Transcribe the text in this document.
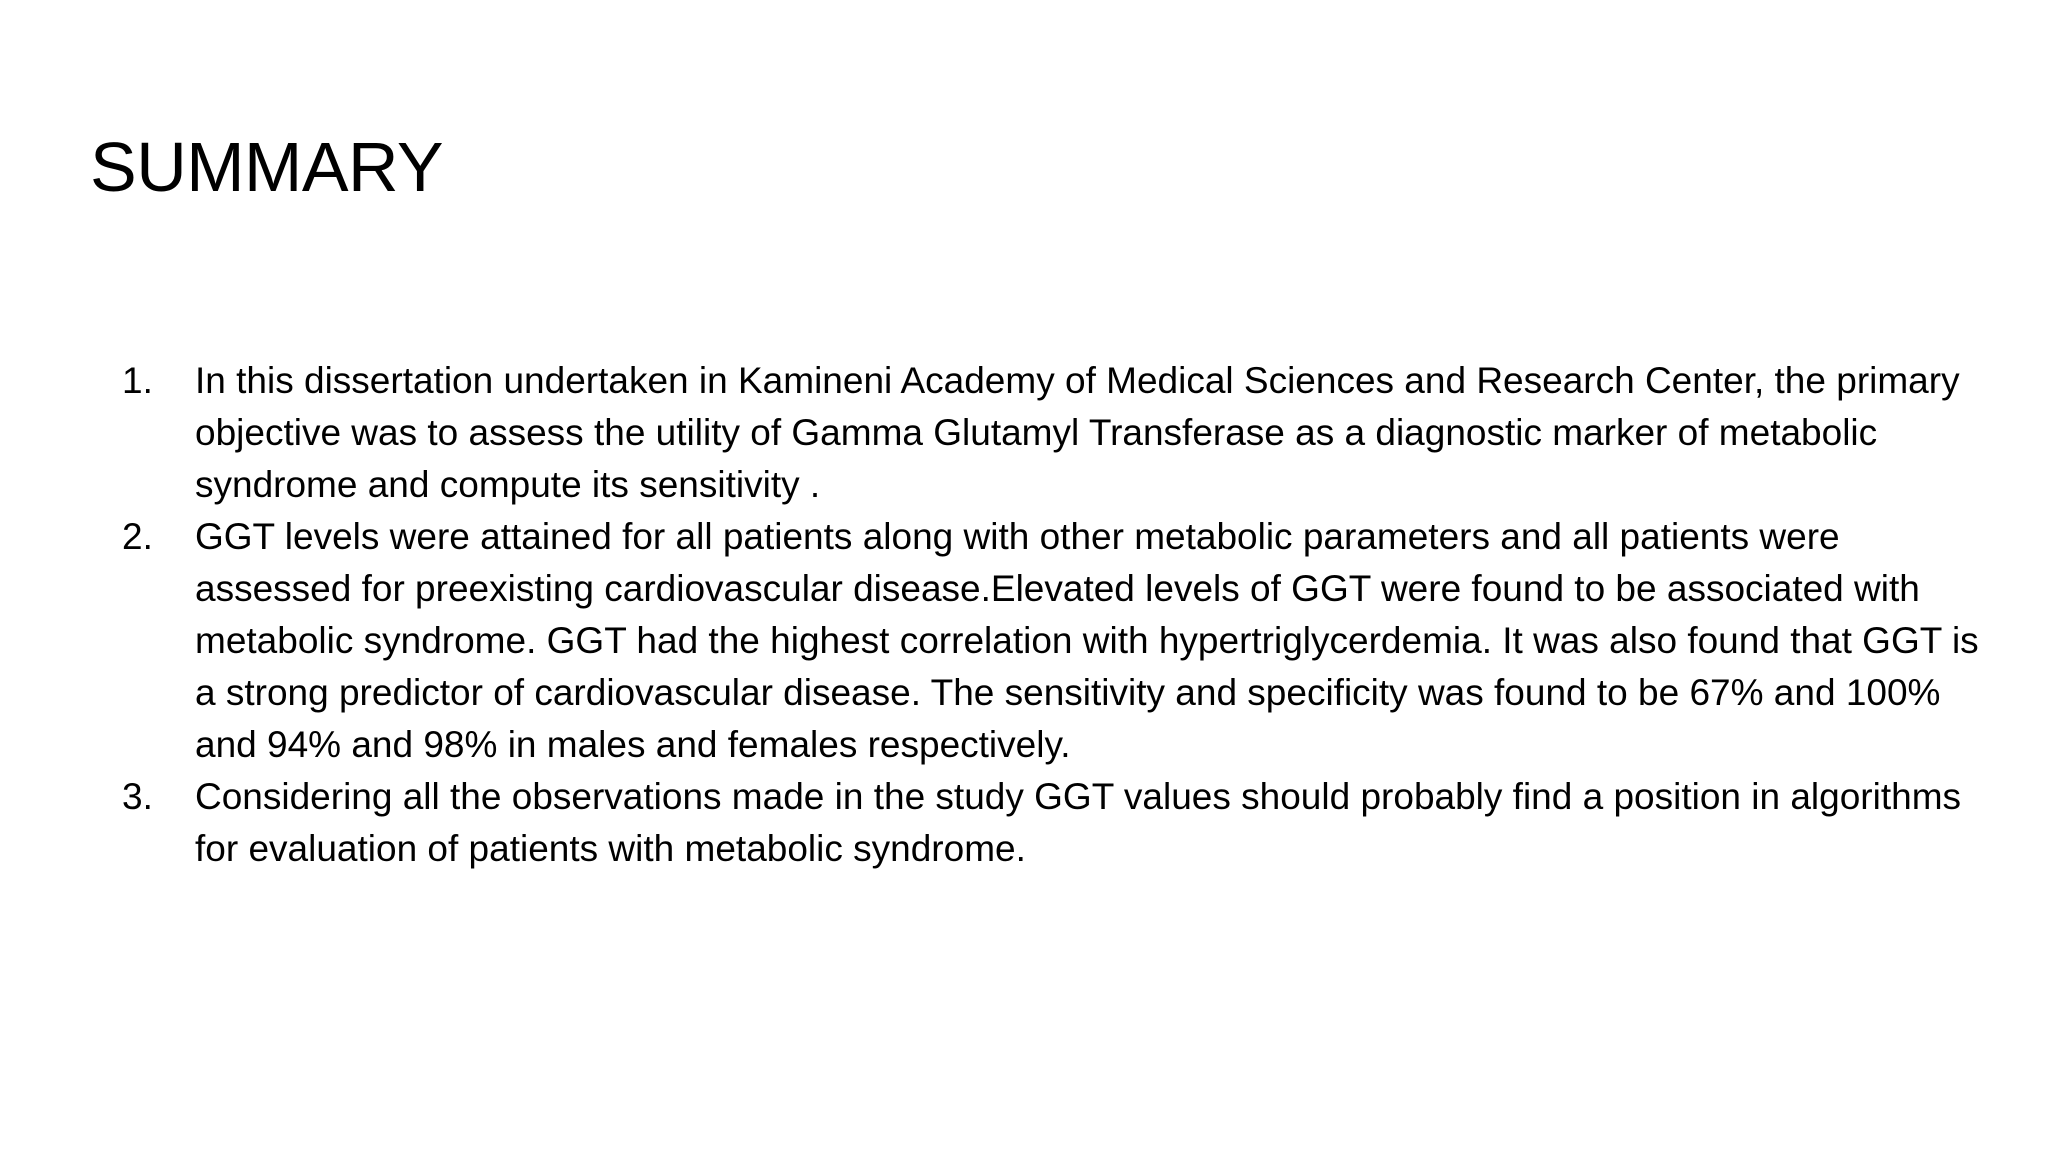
SUMMARY
1. In this dissertation undertaken in Kamineni Academy of Medical Sciences and Research Center, the primary objective was to assess the utility of Gamma Glutamyl Transferase as a diagnostic marker of metabolic syndrome and compute its sensitivity .
2. GGT levels were attained for all patients along with other metabolic parameters and all patients were assessed for preexisting cardiovascular disease.Elevated levels of GGT were found to be associated with metabolic syndrome. GGT had the highest correlation with hypertriglycerdemia. It was also found that GGT is a strong predictor of cardiovascular disease. The sensitivity and specificity was found to be 67% and 100% and 94% and 98% in males and females respectively.
3. Considering all the observations made in the study GGT values should probably find a position in algorithms for evaluation of patients with metabolic syndrome.
